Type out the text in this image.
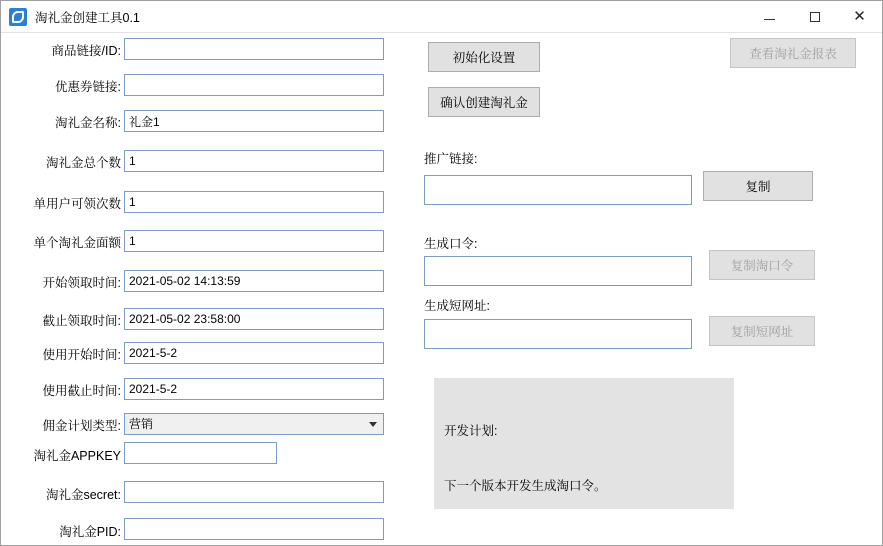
淘礼金创建工具0.1	✕
商品链接/ID:
优惠券链接:
淘礼金名称:
礼金1
淘礼金总个数
1
单用户可领次数
1
单个淘礼金面额
1
开始领取时间:
2021-05-02 14:13:59
截止领取时间:
2021-05-02 23:58:00
使用开始时间:
2021-5-2
使用截止时间:
2021-5-2
佣金计划类型:
营销
淘礼金APPKEY
淘礼金secret:
淘礼金PID:
初始化设置
确认创建淘礼金
查看淘礼金报表
推广链接:
复制
生成口令:
复制淘口令
生成短网址:
复制短网址

开发计划:

下一个版本开发生成淘口令。
